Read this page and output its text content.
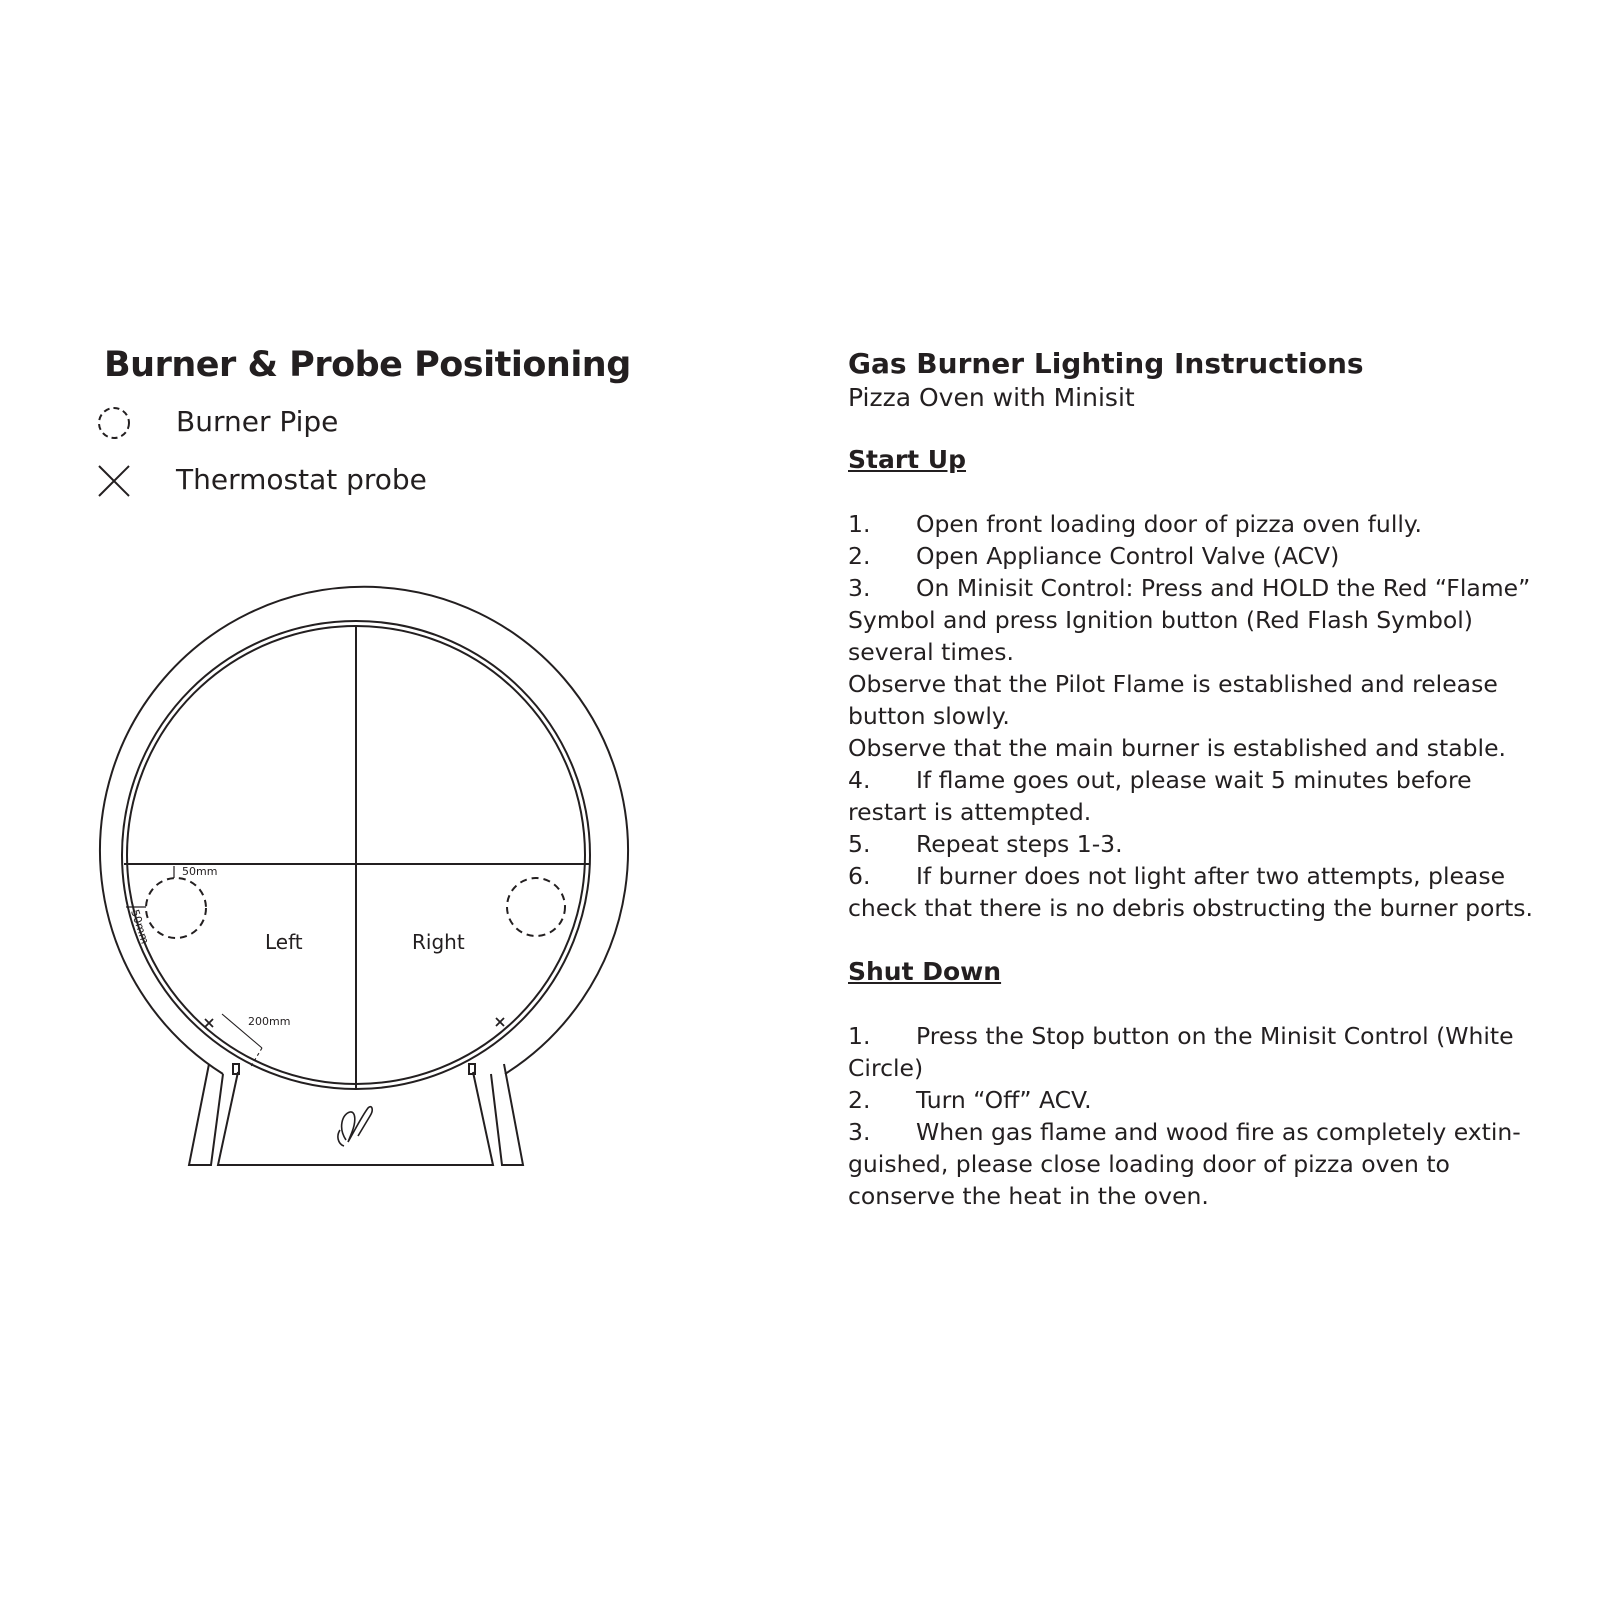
Burner & Probe Positioning
Burner Pipe
Thermostat probe
50mm
50mm	Left	Right
200mm
Gas Burner Lighting Instructions

Pizza Oven with Minisit

Start Up

1. Open front loading door of pizza oven fully.

2. Open Appliance Control Valve (ACV)

3. On Minisit Control: Press and HOLD the Red “Flame” Symbol and press Ignition button (Red Flash Symbol) several times.

Observe that the Pilot Flame is established and release button slowly.

Observe that the main burner is established and stable.

4. If flame goes out, please wait 5 minutes before restart is attempted.

5. Repeat steps 1-3.

6. If burner does not light after two attempts, please check that there is no debris obstructing the burner ports.

Shut Down

1. Press the Stop button on the Minisit Control (White Circle)

2. Turn “Off” ACV.

3. When gas flame and wood fire as completely extin-guished, please close loading door of pizza oven to conserve the heat in the oven.
